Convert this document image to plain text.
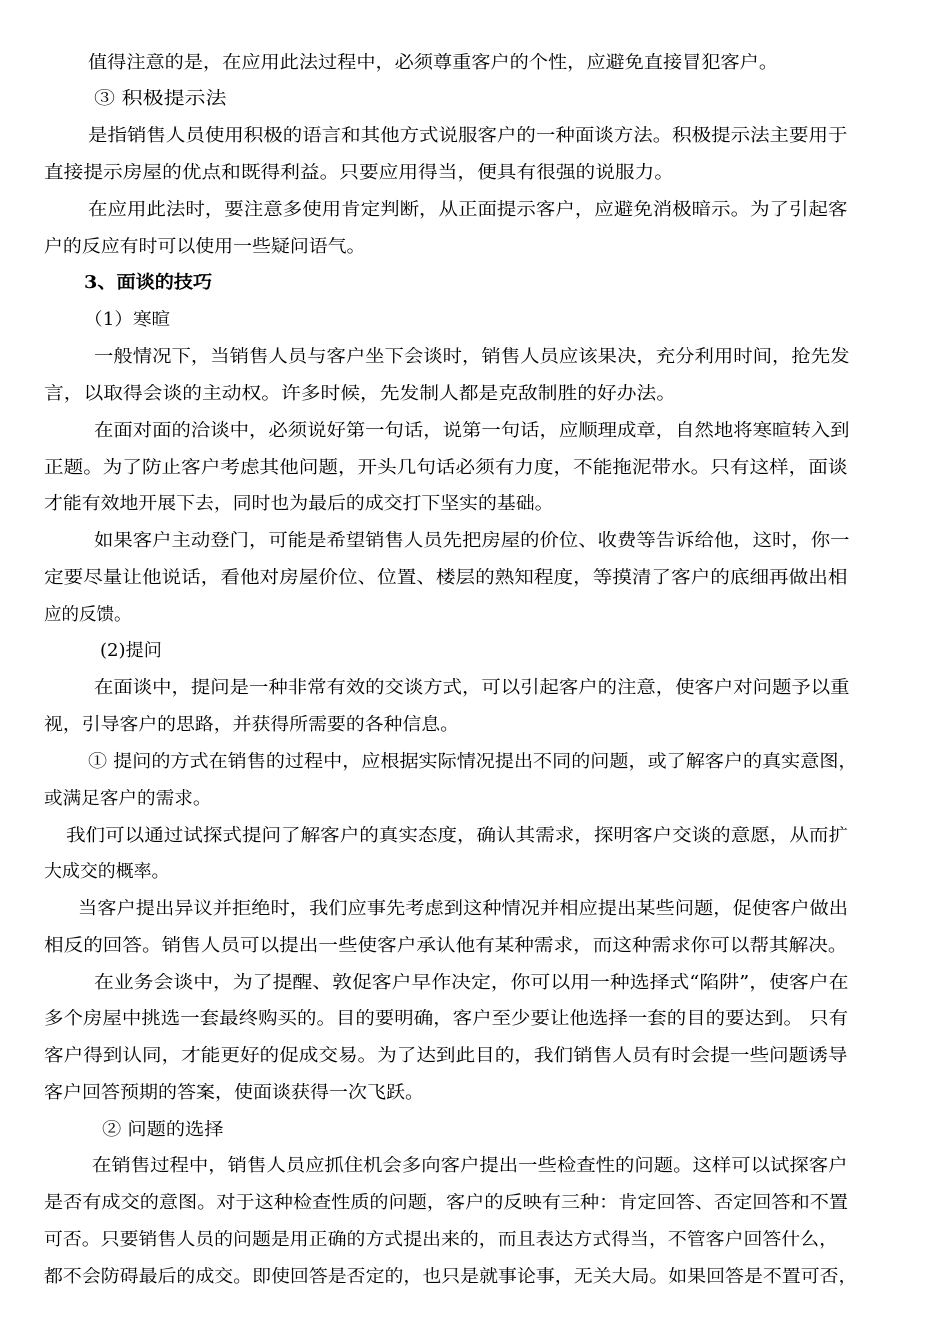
值得注意的是，在应用此法过程中，必须尊重客户的个性，应避免直接冒犯客户。
③ 积极提示法
是指销售人员使用积极的语言和其他方式说服客户的一种面谈方法。积极提示法主要用于
直接提示房屋的优点和既得利益。只要应用得当，便具有很强的说服力。
在应用此法时，要注意多使用肯定判断，从正面提示客户，应避免消极暗示。为了引起客
户的反应有时可以使用一些疑问语气。
3、面谈的技巧
（1）寒暄
一般情况下，当销售人员与客户坐下会谈时，销售人员应该果决，充分利用时间，抢先发
言，以取得会谈的主动权。许多时候，先发制人都是克敌制胜的好办法。
在面对面的洽谈中，必须说好第一句话，说第一句话，应顺理成章，自然地将寒暄转入到
正题。为了防止客户考虑其他问题，开头几句话必须有力度，不能拖泥带水。只有这样，面谈
才能有效地开展下去，同时也为最后的成交打下坚实的基础。
如果客户主动登门，可能是希望销售人员先把房屋的价位、收费等告诉给他，这时，你一
定要尽量让他说话，看他对房屋价位、位置、楼层的熟知程度，等摸清了客户的底细再做出相
应的反馈。
(2)提问
在面谈中，提问是一种非常有效的交谈方式，可以引起客户的注意，使客户对问题予以重
视，引导客户的思路，并获得所需要的各种信息。
① 提问的方式在销售的过程中，应根据实际情况提出不同的问题，或了解客户的真实意图，
或满足客户的需求。
我们可以通过试探式提问了解客户的真实态度，确认其需求，探明客户交谈的意愿，从而扩
大成交的概率。
当客户提出异议并拒绝时，我们应事先考虑到这种情况并相应提出某些问题，促使客户做出
相反的回答。销售人员可以提出一些使客户承认他有某种需求，而这种需求你可以帮其解决。
在业务会谈中，为了提醒、敦促客户早作决定，你可以用一种选择式“陷阱”，使客户在
多个房屋中挑选一套最终购买的。目的要明确，客户至少要让他选择一套的目的要达到。 只有
客户得到认同，才能更好的促成交易。为了达到此目的，我们销售人员有时会提一些问题诱导
客户回答预期的答案，使面谈获得一次飞跃。
② 问题的选择
在销售过程中，销售人员应抓住机会多向客户提出一些检查性的问题。这样可以试探客户
是否有成交的意图。对于这种检查性质的问题，客户的反映有三种：肯定回答、否定回答和不置
可否。只要销售人员的问题是用正确的方式提出来的，而且表达方式得当，不管客户回答什么，
都不会防碍最后的成交。即使回答是否定的，也只是就事论事，无关大局。如果回答是不置可否，
